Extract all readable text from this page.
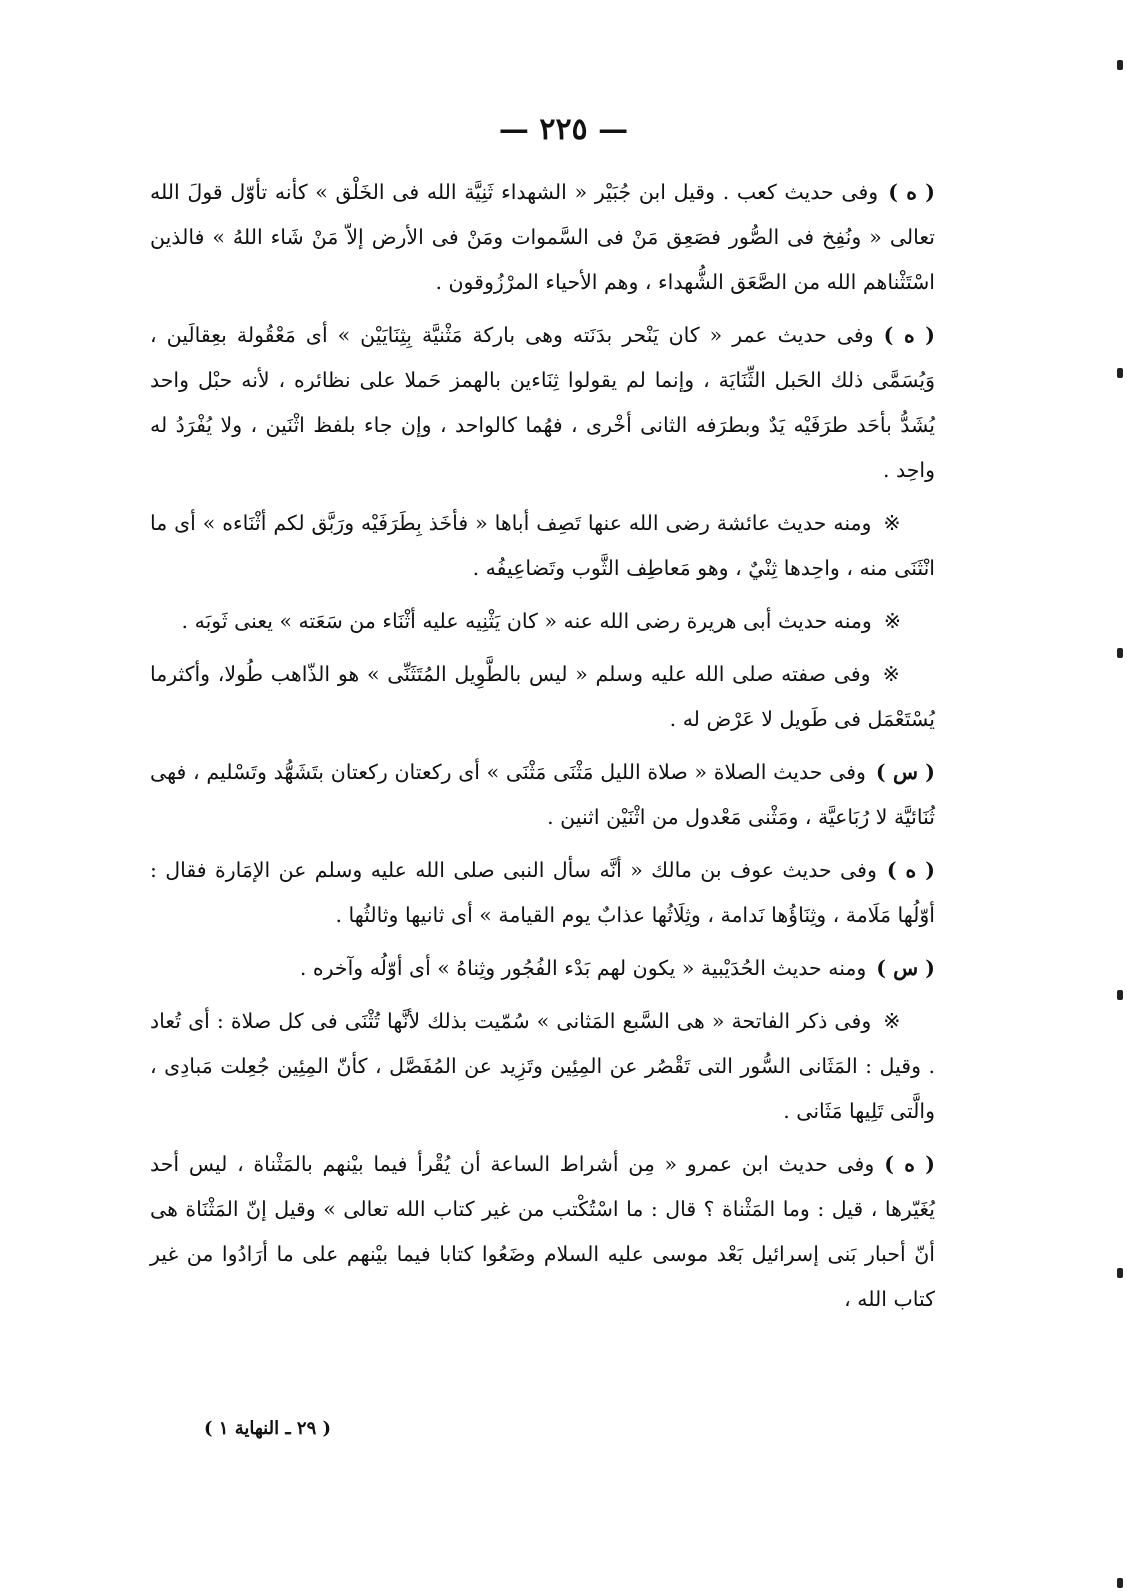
— ٢٢٥ —

( ه )وفى حديث كعب . وقيل ابن جُبَيْر « الشهداء ثَنِيَّة الله فى الخَلْق » كأنه تأوّل قولَ الله تعالى « ونُفِخ فى الصُّور فصَعِق مَنْ فى السَّموات ومَنْ فى الأرض إلاّ مَنْ شَاء اللهُ » فالذين اسْتَثْناهم الله من الصَّعَق الشُّهداء ، وهم الأحياء المرْزُوقون .

( ه )وفى حديث عمر « كان يَنْحر بدَنَته وهى باركة مَثْنيَّة بِثِنَايَيْن » أى مَعْقُولة بعِقالَين ، وَيُسَمَّى ذلك الحَبل الثِّنَايَة ، وإنما لم يقولوا ثِنَاءين بالهمز حَملا على نظائره ، لأنه حبْل واحد يُشَدُّ بأحَد طرَفَيْه يَدٌ وبطرَفه الثانى أخْرى ، فهُما كالواحد ، وإن جاء بلفظ اثْنَين ، ولا يُفْرَدُ له واحِد .

※ومنه حديث عائشة رضى الله عنها تَصِف أباها « فأخَذ بِطَرَفَيْه ورَبَّق لكم أثْنَاءه » أى ما انْثَنَى منه ، واحِدها ثِنْيٌ ، وهو مَعاطِف الثَّوب وتَضاعِيفُه .

※ومنه حديث أبى هريرة رضى الله عنه « كان يَثْنِيه عليه أثْنَاء من سَعَته » يعنى ثَوبَه .

※وفى صفته صلى الله عليه وسلم « ليس بالطَّوِيل المُتَثَنِّى » هو الذّاهب طُولا، وأكثرما يُسْتَعْمَل فى طَويل لا عَرْض له .

( س )وفى حديث الصلاة « صلاة الليل مَثْنَى مَثْنَى » أى ركعتان ركعتان بتَشَهُّد وتَسْليم ، فهى ثُنَائيَّة لا رُبَاعيَّة ، ومَثْنى مَعْدول من اثْنَيْن اثنين .

( ه )وفى حديث عوف بن مالك « أنَّه سأل النبى صلى الله عليه وسلم عن الإمَارة فقال : أوّلُها مَلَامة ، وثِنَاؤُها نَدامة ، وثِلَاثُها عذابٌ يوم القيامة » أى ثانيها وثالثُها .

( س )ومنه حديث الحُدَيْبية « يكون لهم بَدْء الفُجُور وثِناهُ » أى أوّلُه وآخره .

※وفى ذكر الفاتحة « هى السَّبع المَثانى » سُمّيت بذلك لأنَّها تُثْنَى فى كل صلاة : أى تُعاد . وقيل : المَثَانى السُّور التى تَقْصُر عن المِئِين وتَزِيد عن المُفَصَّل ، كأنّ المِئِين جُعِلت مَبادِى ، والَّتى تَلِيها مَثَانى .

( ه )وفى حديث ابن عمرو « مِن أشراط الساعة أن يُقْرأ فيما بيْنهم بالمَثْناة ، ليس أحد يُغَيّرها ، قيل : وما المَثْناة ؟ قال : ما اسْتُكْتب من غير كتاب الله تعالى » وقيل إنّ المَثْنَاة هى أنّ أحبار بَنى إسرائيل بَعْد موسى عليه السلام وضَعُوا كتابا فيما بيْنهم على ما أرَادُوا من غير كتاب الله ،

( ٢٩ ـ النهاية ١ )
